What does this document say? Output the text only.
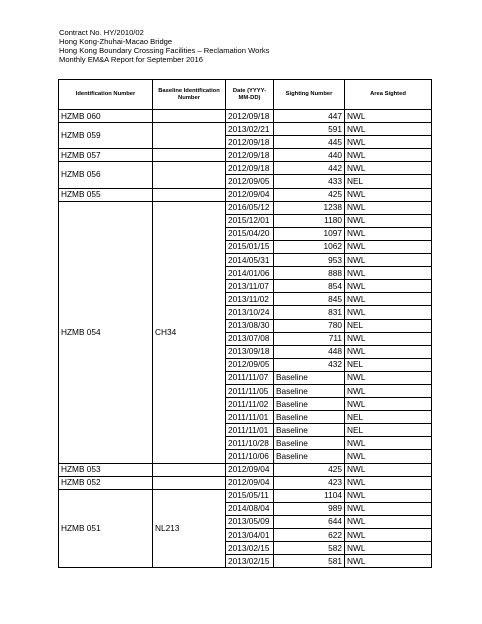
Contract No. HY/2010/02
Hong Kong-Zhuhai-Macao Bridge
Hong Kong Boundary Crossing Facilities – Reclamation Works
Monthly EM&A Report for September 2016
Identification Number	Baseline Identification Number	Date (YYYY-MM-DD)	Sighting Number	Area Sighted
HZMB 060		2012/09/18	447	NWL
HZMB 059		2013/02/21	591	NWL
		2012/09/18	445	NWL
HZMB 057		2012/09/18	440	NWL
HZMB 056		2012/09/18	442	NWL
		2012/09/05	433	NEL
HZMB 055		2012/09/04	425	NWL
HZMB 054	CH34	2016/05/12	1238	NWL
		2015/12/01	1180	NWL
		2015/04/20	1097	NWL
		2015/01/15	1062	NWL
		2014/05/31	953	NWL
		2014/01/06	888	NWL
		2013/11/07	854	NWL
		2013/11/02	845	NWL
		2013/10/24	831	NWL
		2013/08/30	780	NEL
		2013/07/08	711	NWL
		2013/09/18	448	NWL
		2012/09/05	432	NEL
		2011/11/07	Baseline	NWL
		2011/11/05	Baseline	NWL
		2011/11/02	Baseline	NWL
		2011/11/01	Baseline	NEL
		2011/11/01	Baseline	NEL
		2011/10/28	Baseline	NWL
		2011/10/06	Baseline	NWL
HZMB 053		2012/09/04	425	NWL
HZMB 052		2012/09/04	423	NWL
HZMB 051	NL213	2015/05/11	1104	NWL
		2014/08/04	989	NWL
		2013/05/09	644	NWL
		2013/04/01	622	NWL
		2013/02/15	582	NWL
		2013/02/15	581	NWL
